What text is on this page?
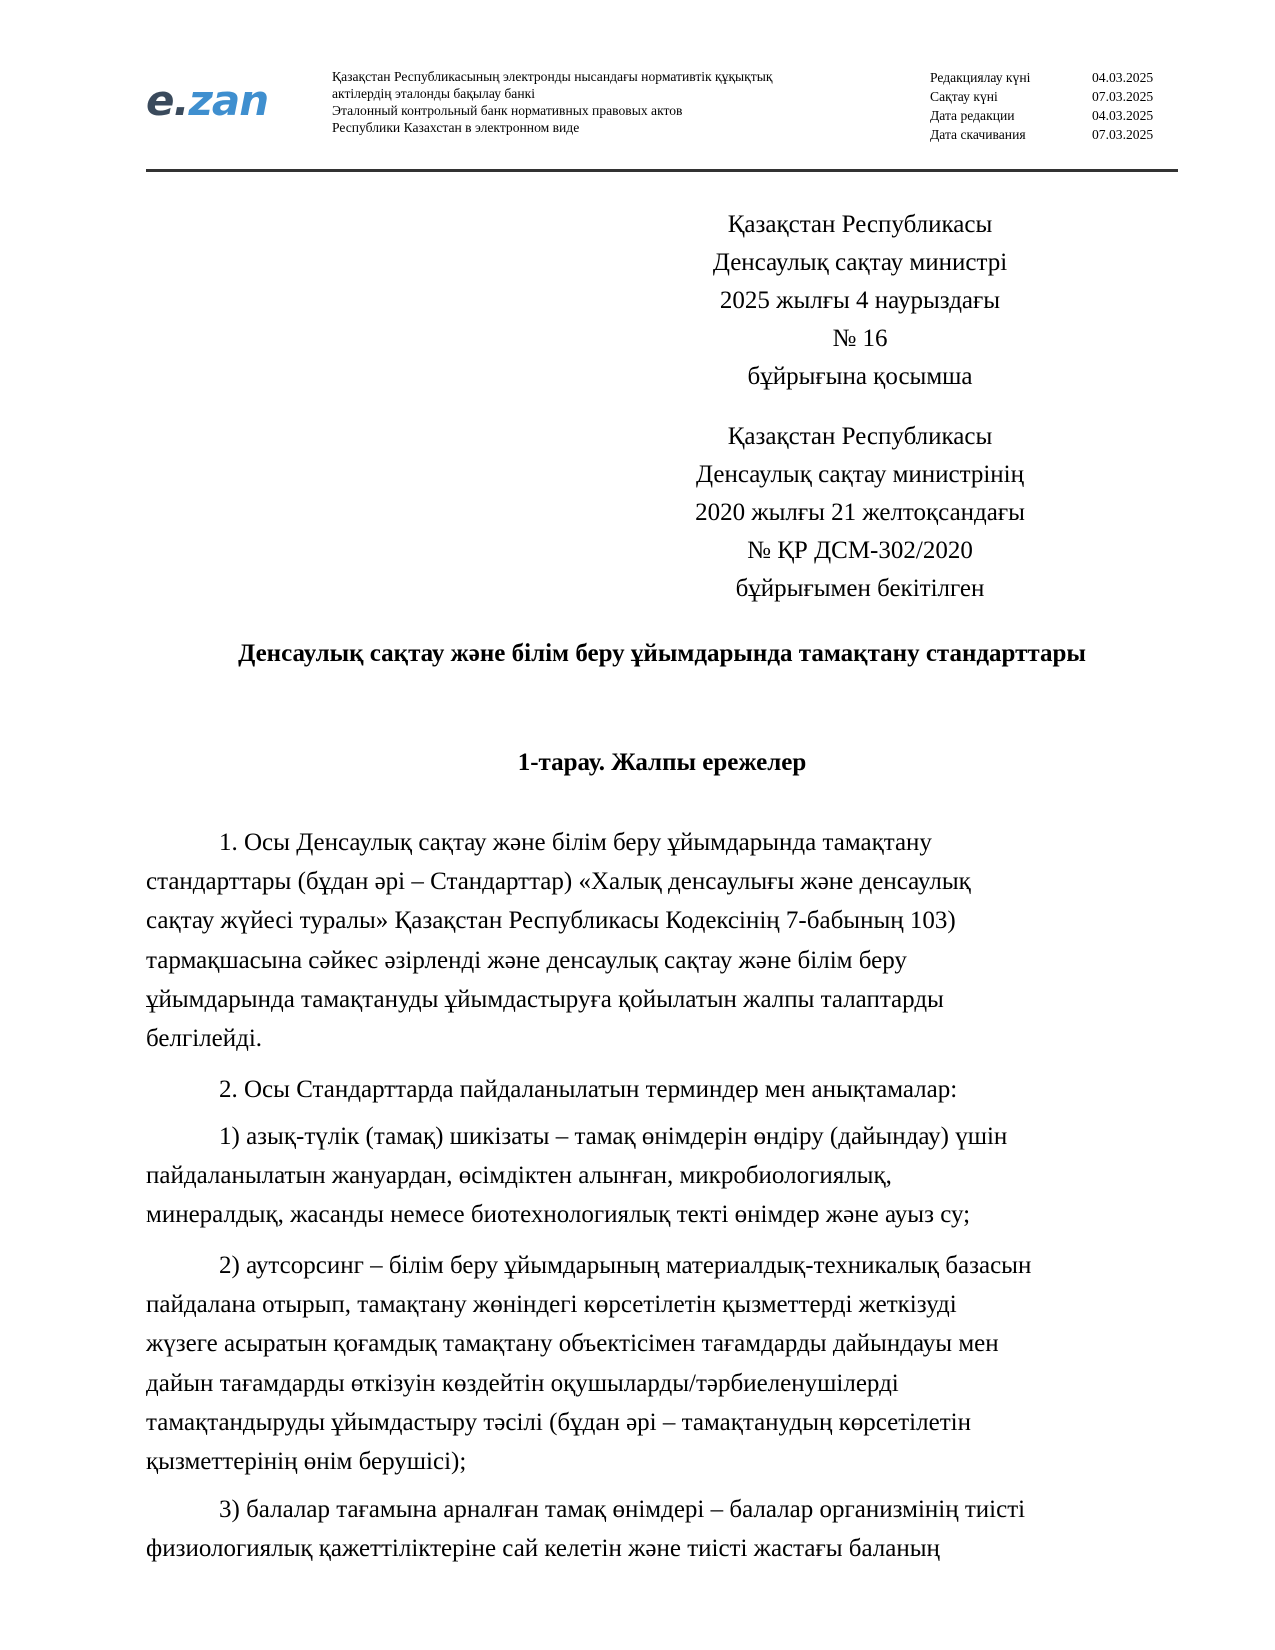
e.zan	Қазақстан Республикасының электронды нысандағы нормативтік құқықтық
актілердің эталонды бақылау банкі
Эталонный контрольный банк нормативных правовых актов
Республики Казахстан в электронном виде
Редакциялау күні	04.03.2025
Сақтау күні	07.03.2025
Дата редакции	04.03.2025
Дата скачивания	07.03.2025
Қазақстан Республикасы
Денсаулық сақтау министрі
2025 жылғы 4 наурыздағы
№ 16
бұйрығына қосымша
Қазақстан Республикасы
Денсаулық сақтау министрінің
2020 жылғы 21 желтоқсандағы
№ ҚР ДСМ-302/2020
бұйрығымен бекітілген
Денсаулық сақтау және білім беру ұйымдарында тамақтану стандарттары
1-тарау. Жалпы ережелер
1. Осы Денсаулық сақтау және білім беру ұйымдарында тамақтану
стандарттары (бұдан әрі – Стандарттар) «Халық денсаулығы және денсаулық
сақтау жүйесі туралы» Қазақстан Республикасы Кодексінің 7-бабының 103)
тармақшасына сәйкес әзірленді және денсаулық сақтау және білім беру
ұйымдарында тамақтануды ұйымдастыруға қойылатын жалпы талаптарды
белгілейді.
2. Осы Стандарттарда пайдаланылатын терминдер мен анықтамалар:
1) азық-түлік (тамақ) шикізаты – тамақ өнімдерін өндіру (дайындау) үшін
пайдаланылатын жануардан, өсімдіктен алынған, микробиологиялық,
минералдық, жасанды немесе биотехнологиялық текті өнімдер және ауыз су;
2) аутсорсинг – білім беру ұйымдарының материалдық-техникалық базасын
пайдалана отырып, тамақтану жөніндегі көрсетілетін қызметтерді жеткізуді
жүзеге асыратын қоғамдық тамақтану объектісімен тағамдарды дайындауы мен
дайын тағамдарды өткізуін көздейтін оқушыларды/тәрбиеленушілерді
тамақтандыруды ұйымдастыру тәсілі (бұдан әрі – тамақтанудың көрсетілетін
қызметтерінің өнім берушісі);
3) балалар тағамына арналған тамақ өнімдері – балалар организмінің тиісті
физиологиялық қажеттіліктеріне сай келетін және тиісті жастағы баланың
